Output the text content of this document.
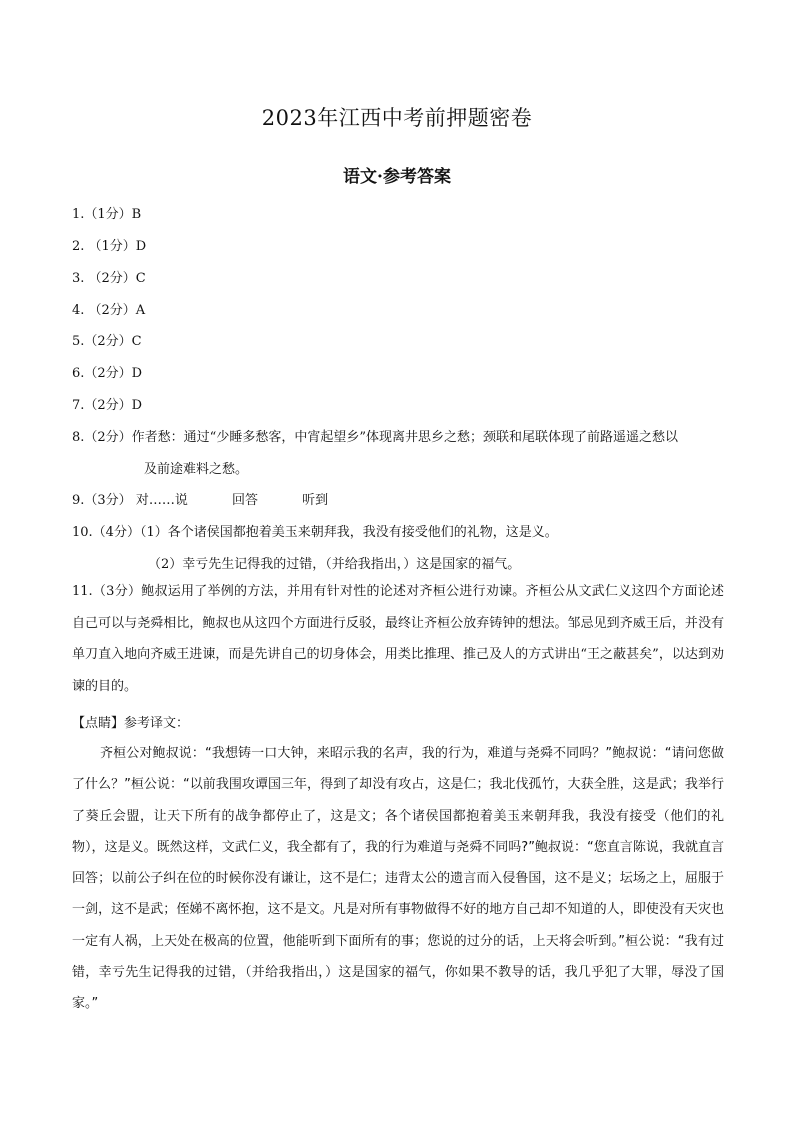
2023年江西中考前押题密卷
语文·参考答案
1.（1分）B
2. （1分）D
3. （2分）C
4. （2分）A
5.（2分）C
6.（2分）D
7.（2分）D
8.（2分）作者愁：通过“少睡多愁客，中宵起望乡”体现离井思乡之愁；颈联和尾联体现了前路遥遥之愁以
及前途难料之愁。
9.（3分） 对……说	回答	听到
10.（4分）（1）各个诸侯国都抱着美玉来朝拜我，我没有接受他们的礼物，这是义。
（2）幸亏先生记得我的过错，（并给我指出，）这是国家的福气。
11.（3分）鲍叔运用了举例的方法，并用有针对性的论述对齐桓公进行劝谏。齐桓公从文武仁义这四个方面论述自己可以与尧舜相比，鲍叔也从这四个方面进行反驳，最终让齐桓公放弃铸钟的想法。邹忌见到齐威王后，并没有单刀直入地向齐威王进谏，而是先讲自己的切身体会，用类比推理、推己及人的方式讲出“王之蔽甚矣”，以达到劝谏的目的。
【点睛】参考译文：
齐桓公对鲍叔说：“我想铸一口大钟，来昭示我的名声，我的行为，难道与尧舜不同吗？”鲍叔说：“请问您做了什么？”桓公说：“以前我围攻谭国三年，得到了却没有攻占，这是仁；我北伐孤竹，大获全胜，这是武；我举行了葵丘会盟，让天下所有的战争都停止了，这是文；各个诸侯国都抱着美玉来朝拜我，我没有接受（他们的礼物），这是义。既然这样，文武仁义，我全都有了，我的行为难道与尧舜不同吗?”鲍叔说：“您直言陈说，我就直言回答；以前公子纠在位的时候你没有谦让，这不是仁；违背太公的遗言而入侵鲁国，这不是义；坛场之上，屈服于一剑，这不是武；侄娣不离怀抱，这不是文。凡是对所有事物做得不好的地方自己却不知道的人，即使没有天灾也一定有人祸，上天处在极高的位置，他能听到下面所有的事；您说的过分的话，上天将会听到。”桓公说：“我有过错，幸亏先生记得我的过错，（并给我指出，）这是国家的福气，你如果不教导的话，我几乎犯了大罪，辱没了国家。”
